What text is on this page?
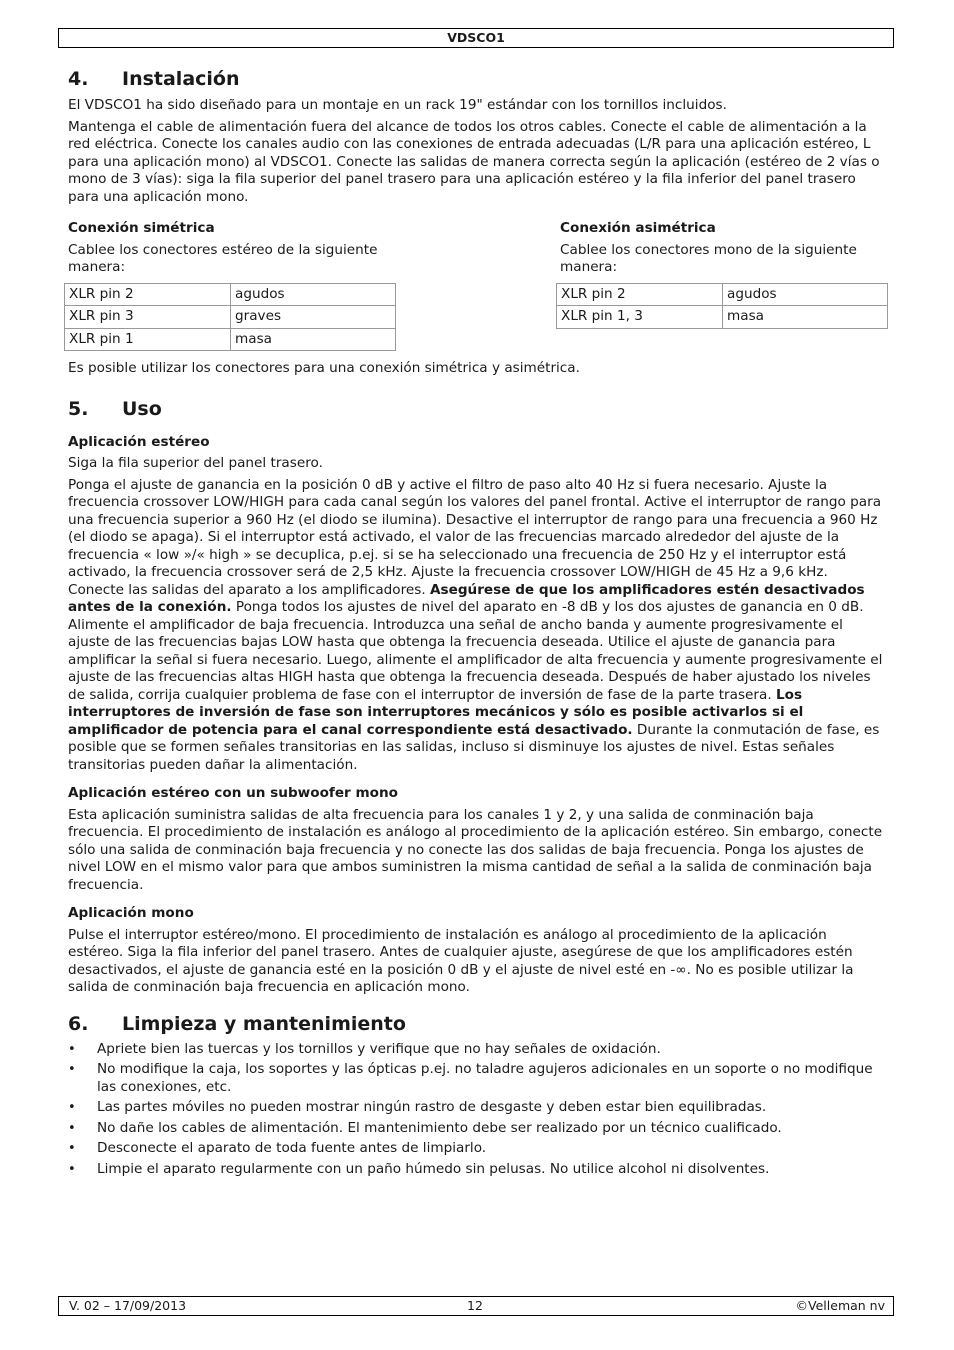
VDSCO1
4. Instalación

El VDSCO1 ha sido diseñado para un montaje en un rack 19" estándar con los tornillos incluidos.

Mantenga el cable de alimentación fuera del alcance de todos los otros cables. Conecte el cable de alimentación a la red eléctrica. Conecte los canales audio con las conexiones de entrada adecuadas (L/R para una aplicación estéreo, L para una aplicación mono) al VDSCO1. Conecte las salidas de manera correcta según la aplicación (estéreo de 2 vías o mono de 3 vías): siga la fila superior del panel trasero para una aplicación estéreo y la fila inferior del panel trasero para una aplicación mono.

Conexión simétrica

Cablee los conectores estéreo de la siguiente manera:

XLR pin 2	agudos
XLR pin 3	graves
XLR pin 1	masa
Conexión asimétrica

Cablee los conectores mono de la siguiente manera:

XLR pin 2	agudos
XLR pin 1, 3	masa

Es posible utilizar los conectores para una conexión simétrica y asimétrica.

5. Uso
Aplicación estéreo

Siga la fila superior del panel trasero.

Ponga el ajuste de ganancia en la posición 0 dB y active el filtro de paso alto 40 Hz si fuera necesario. Ajuste la frecuencia crossover LOW/HIGH para cada canal según los valores del panel frontal. Active el interruptor de rango para una frecuencia superior a 960 Hz (el diodo se ilumina). Desactive el interruptor de rango para una frecuencia a 960 Hz (el diodo se apaga). Si el interruptor está activado, el valor de las frecuencias marcado alrededor del ajuste de la frecuencia « low »/« high » se decuplica, p.ej. si se ha seleccionado una frecuencia de 250 Hz y el interruptor está activado, la frecuencia crossover será de 2,5 kHz. Ajuste la frecuencia crossover LOW/HIGH de 45 Hz a 9,6 kHz. Conecte las salidas del aparato a los amplificadores. Asegúrese de que los amplificadores estén desactivados antes de la conexión. Ponga todos los ajustes de nivel del aparato en -8 dB y los dos ajustes de ganancia en 0 dB. Alimente el amplificador de baja frecuencia. Introduzca una señal de ancho banda y aumente progresivamente el ajuste de las frecuencias bajas LOW hasta que obtenga la frecuencia deseada. Utilice el ajuste de ganancia para amplificar la señal si fuera necesario. Luego, alimente el amplificador de alta frecuencia y aumente progresivamente el ajuste de las frecuencias altas HIGH hasta que obtenga la frecuencia deseada. Después de haber ajustado los niveles de salida, corrija cualquier problema de fase con el interruptor de inversión de fase de la parte trasera. Los interruptores de inversión de fase son interruptores mecánicos y sólo es posible activarlos si el amplificador de potencia para el canal correspondiente está desactivado. Durante la conmutación de fase, es posible que se formen señales transitorias en las salidas, incluso si disminuye los ajustes de nivel. Estas señales transitorias pueden dañar la alimentación.

Aplicación estéreo con un subwoofer mono

Esta aplicación suministra salidas de alta frecuencia para los canales 1 y 2, y una salida de conminación baja frecuencia. El procedimiento de instalación es análogo al procedimiento de la aplicación estéreo. Sin embargo, conecte sólo una salida de conminación baja frecuencia y no conecte las dos salidas de baja frecuencia. Ponga los ajustes de nivel LOW en el mismo valor para que ambos suministren la misma cantidad de señal a la salida de conminación baja frecuencia.

Aplicación mono

Pulse el interruptor estéreo/mono. El procedimiento de instalación es análogo al procedimiento de la aplicación estéreo. Siga la fila inferior del panel trasero. Antes de cualquier ajuste, asegúrese de que los amplificadores estén desactivados, el ajuste de ganancia esté en la posición 0 dB y el ajuste de nivel esté en -∞. No es posible utilizar la salida de conminación baja frecuencia en aplicación mono.

6. Limpieza y mantenimiento
• Apriete bien las tuercas y los tornillos y verifique que no hay señales de oxidación.
• No modifique la caja, los soportes y las ópticas p.ej. no taladre agujeros adicionales en un soporte o no modifique las conexiones, etc.
• Las partes móviles no pueden mostrar ningún rastro de desgaste y deben estar bien equilibradas.
• No dañe los cables de alimentación. El mantenimiento debe ser realizado por un técnico cualificado.
• Desconecte el aparato de toda fuente antes de limpiarlo.
• Limpie el aparato regularmente con un paño húmedo sin pelusas. No utilice alcohol ni disolventes.
V. 02 – 17/09/2013	12	©Velleman nv
